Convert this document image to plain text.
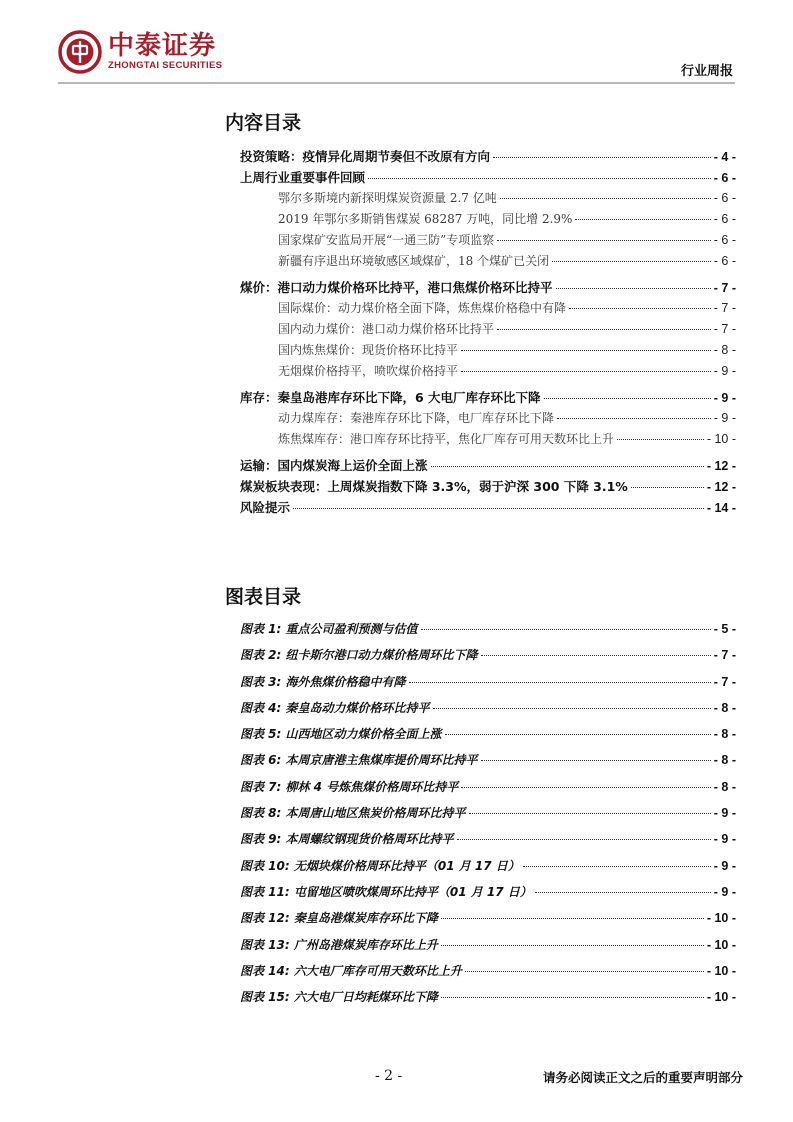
中泰证券
ZHONGTAI SECURITIES	行业周报
内容目录
投资策略：疫情异化周期节奏但不改原有方向	- 4 -
上周行业重要事件回顾	- 6 -
鄂尔多斯境内新探明煤炭资源量 2.7 亿吨	- 6 -
2019 年鄂尔多斯销售煤炭 68287 万吨，同比增 2.9%	- 6 -
国家煤矿安监局开展“一通三防”专项监察	- 6 -
新疆有序退出环境敏感区域煤矿，18 个煤矿已关闭	- 6 -
煤价：港口动力煤价格环比持平，港口焦煤价格环比持平	- 7 -
国际煤价：动力煤价格全面下降，炼焦煤价格稳中有降	- 7 -
国内动力煤价：港口动力煤价格环比持平	- 7 -
国内炼焦煤价：现货价格环比持平	- 8 -
无烟煤价格持平，喷吹煤价格持平	- 9 -
库存：秦皇岛港库存环比下降，6 大电厂库存环比下降	- 9 -
动力煤库存：秦港库存环比下降，电厂库存环比下降	- 9 -
炼焦煤库存：港口库存环比持平，焦化厂库存可用天数环比上升	- 10 -
运输：国内煤炭海上运价全面上涨	- 12 -
煤炭板块表现：上周煤炭指数下降 3.3%，弱于沪深 300 下降 3.1%	- 12 -
风险提示	- 14 -
图表目录
图表 1: 重点公司盈利预测与估值	- 5 -
图表 2: 纽卡斯尔港口动力煤价格周环比下降	- 7 -
图表 3: 海外焦煤价格稳中有降	- 7 -
图表 4: 秦皇岛动力煤价格环比持平	- 8 -
图表 5: 山西地区动力煤价格全面上涨	- 8 -
图表 6: 本周京唐港主焦煤库提价周环比持平	- 8 -
图表 7: 柳林 4 号炼焦煤价格周环比持平	- 8 -
图表 8: 本周唐山地区焦炭价格周环比持平	- 9 -
图表 9: 本周螺纹钢现货价格周环比持平	- 9 -
图表 10: 无烟块煤价格周环比持平（01 月 17 日）	- 9 -
图表 11: 屯留地区喷吹煤周环比持平（01 月 17 日）	- 9 -
图表 12: 秦皇岛港煤炭库存环比下降	- 10 -
图表 13: 广州岛港煤炭库存环比上升	- 10 -
图表 14: 六大电厂库存可用天数环比上升	- 10 -
图表 15: 六大电厂日均耗煤环比下降	- 10 -
- 2 -	请务必阅读正文之后的重要声明部分
